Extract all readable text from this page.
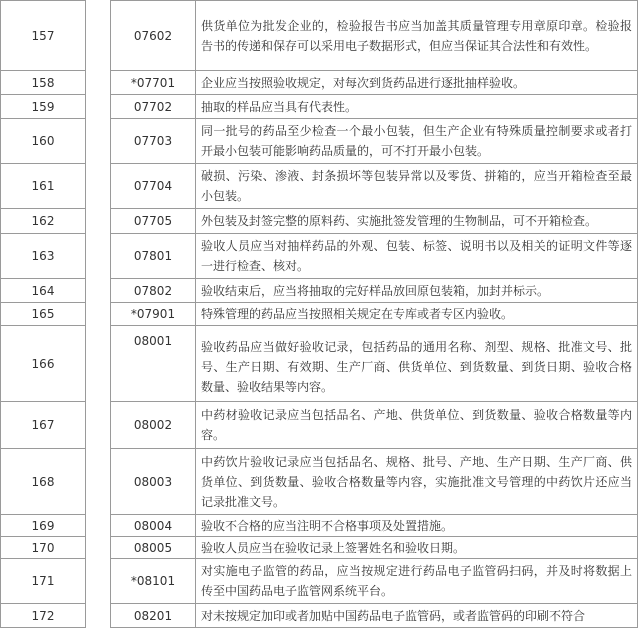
157		07602	供货单位为批发企业的，检验报告书应当加盖其质量管理专用章原印章。检验报告书的传递和保存可以采用电子数据形式，但应当保证其合法性和有效性。
158		*07701	企业应当按照验收规定，对每次到货药品进行逐批抽样验收。
159		07702	抽取的样品应当具有代表性。
160		07703	同一批号的药品至少检查一个最小包装，但生产企业有特殊质量控制要求或者打开最小包装可能影响药品质量的，可不打开最小包装。
161		07704	破损、污染、渗液、封条损坏等包装异常以及零货、拼箱的，应当开箱检查至最小包装。
162		07705	外包装及封签完整的原料药、实施批签发管理的生物制品，可不开箱检查。
163		07801	验收人员应当对抽样药品的外观、包装、标签、说明书以及相关的证明文件等逐一进行检查、核对。
164		07802	验收结束后，应当将抽取的完好样品放回原包装箱，加封并标示。
165		*07901	特殊管理的药品应当按照相关规定在专库或者专区内验收。
166		08001	验收药品应当做好验收记录，包括药品的通用名称、剂型、规格、批准文号、批号、生产日期、有效期、生产厂商、供货单位、到货数量、到货日期、验收合格数量、验收结果等内容。
167		08002	中药材验收记录应当包括品名、产地、供货单位、到货数量、验收合格数量等内容。
168		08003	中药饮片验收记录应当包括品名、规格、批号、产地、生产日期、生产厂商、供货单位、到货数量、验收合格数量等内容，实施批准文号管理的中药饮片还应当记录批准文号。
169		08004	验收不合格的应当注明不合格事项及处置措施。
170		08005	验收人员应当在验收记录上签署姓名和验收日期。
171		*08101	对实施电子监管的药品，应当按规定进行药品电子监管码扫码，并及时将数据上传至中国药品电子监管网系统平台。
172		08201	对未按规定加印或者加贴中国药品电子监管码，或者监管码的印刷不符合
